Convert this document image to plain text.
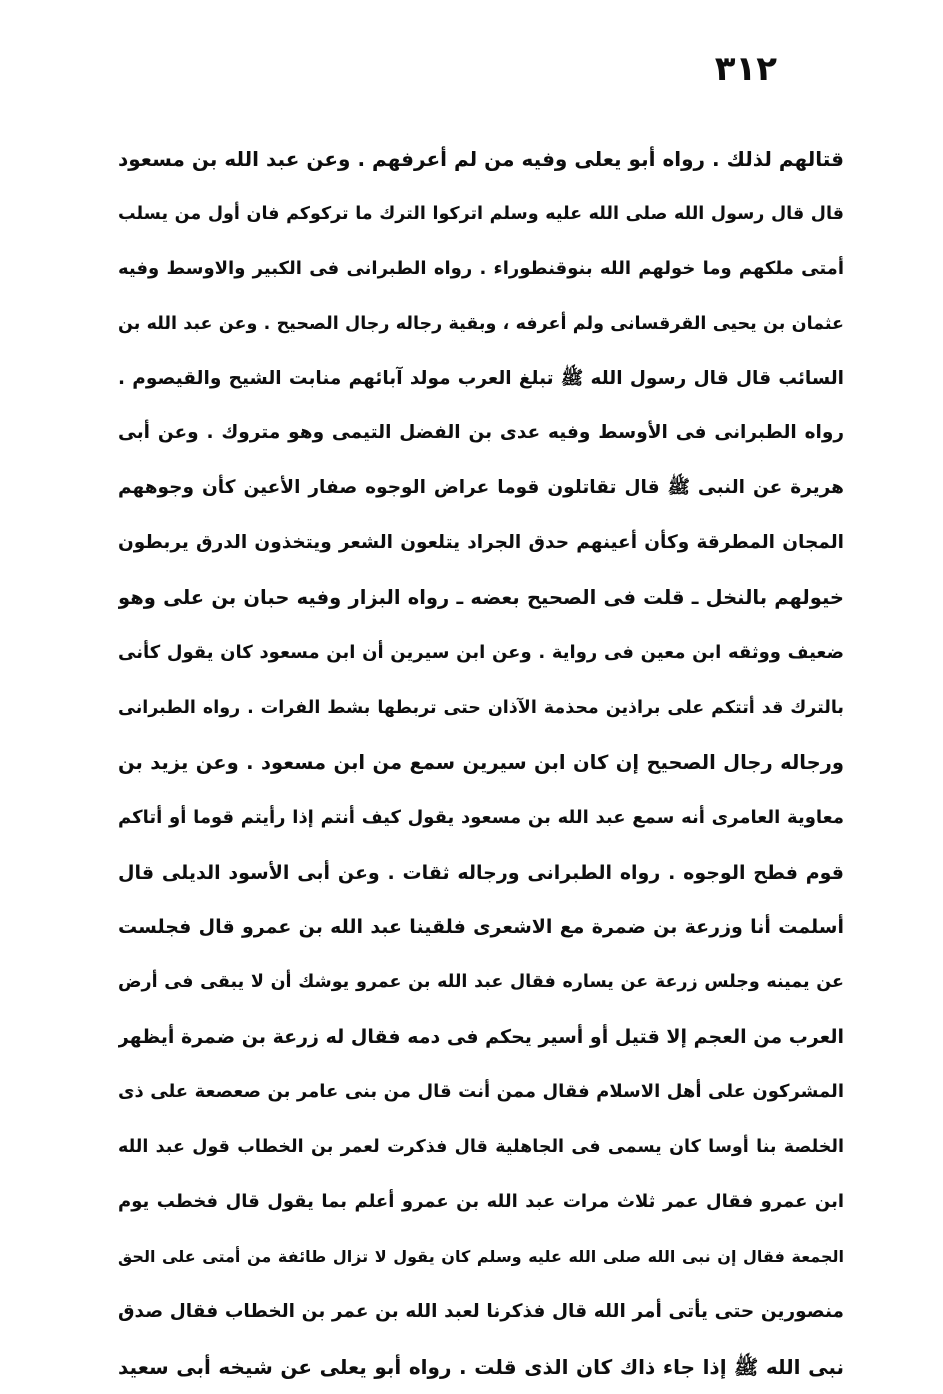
٣١٢
قتالهم لذلك . رواه أبو يعلى وفيه من لم أعرفهم . وعن عبد الله بن مسعود
قال قال رسول الله صلى الله عليه وسلم اتركوا الترك ما تركوكم فان أول من يسلب
أمتى ملكهم وما خولهم الله بنوقنطوراء . رواه الطبرانى فى الكبير والاوسط وفيه
عثمان بن يحيى القرقسانى ولم أعرفه ، وبقية رجاله رجال الصحيح . وعن عبد الله بن
السائب قال قال رسول الله ﷺ تبلغ العرب مولد آبائهم منابت الشيح والقيصوم .
رواه الطبرانى فى الأوسط وفيه عدى بن الفضل التيمى وهو متروك . وعن أبى
هريرة عن النبى ﷺ قال تقاتلون قوما عراض الوجوه صفار الأعين كأن وجوههم
المجان المطرقة وكأن أعينهم حدق الجراد يتلعون الشعر ويتخذون الدرق يربطون
خيولهم بالنخل ـ قلت فى الصحيح بعضه ـ رواه البزار وفيه حبان بن على وهو
ضعيف ووثقه ابن معين فى رواية . وعن ابن سيرين أن ابن مسعود كان يقول كأنى
بالترك قد أتتكم على براذين محذمة الآذان حتى تربطها بشط الفرات . رواه الطبرانى
ورجاله رجال الصحيح إن كان ابن سيرين سمع من ابن مسعود . وعن يزيد بن
معاوية العامرى أنه سمع عبد الله بن مسعود يقول كيف أنتم إذا رأيتم قوما أو أتاكم
قوم فطح الوجوه . رواه الطبرانى ورجاله ثقات . وعن أبى الأسود الديلى قال
أسلمت أنا وزرعة بن ضمرة مع الاشعرى فلقينا عبد الله بن عمرو قال فجلست
عن يمينه وجلس زرعة عن يساره فقال عبد الله بن عمرو يوشك أن لا يبقى فى أرض
العرب من العجم إلا قتيل أو أسير يحكم فى دمه فقال له زرعة بن ضمرة أيظهر
المشركون على أهل الاسلام فقال ممن أنت قال من بنى عامر بن صعصعة على ذى
الخلصة بنا أوسا كان يسمى فى الجاهلية قال فذكرت لعمر بن الخطاب قول عبد الله
ابن عمرو فقال عمر ثلاث مرات عبد الله بن عمرو أعلم بما يقول قال فخطب يوم
الجمعة فقال إن نبى الله صلى الله عليه وسلم كان يقول لا تزال طائفة من أمتى على الحق
منصورين حتى يأتى أمر الله قال فذكرنا لعبد الله بن عمر بن الخطاب فقال صدق
نبى الله ﷺ إذا جاء ذاك كان الذى قلت . رواه أبو يعلى عن شيخه أبى سعيد
